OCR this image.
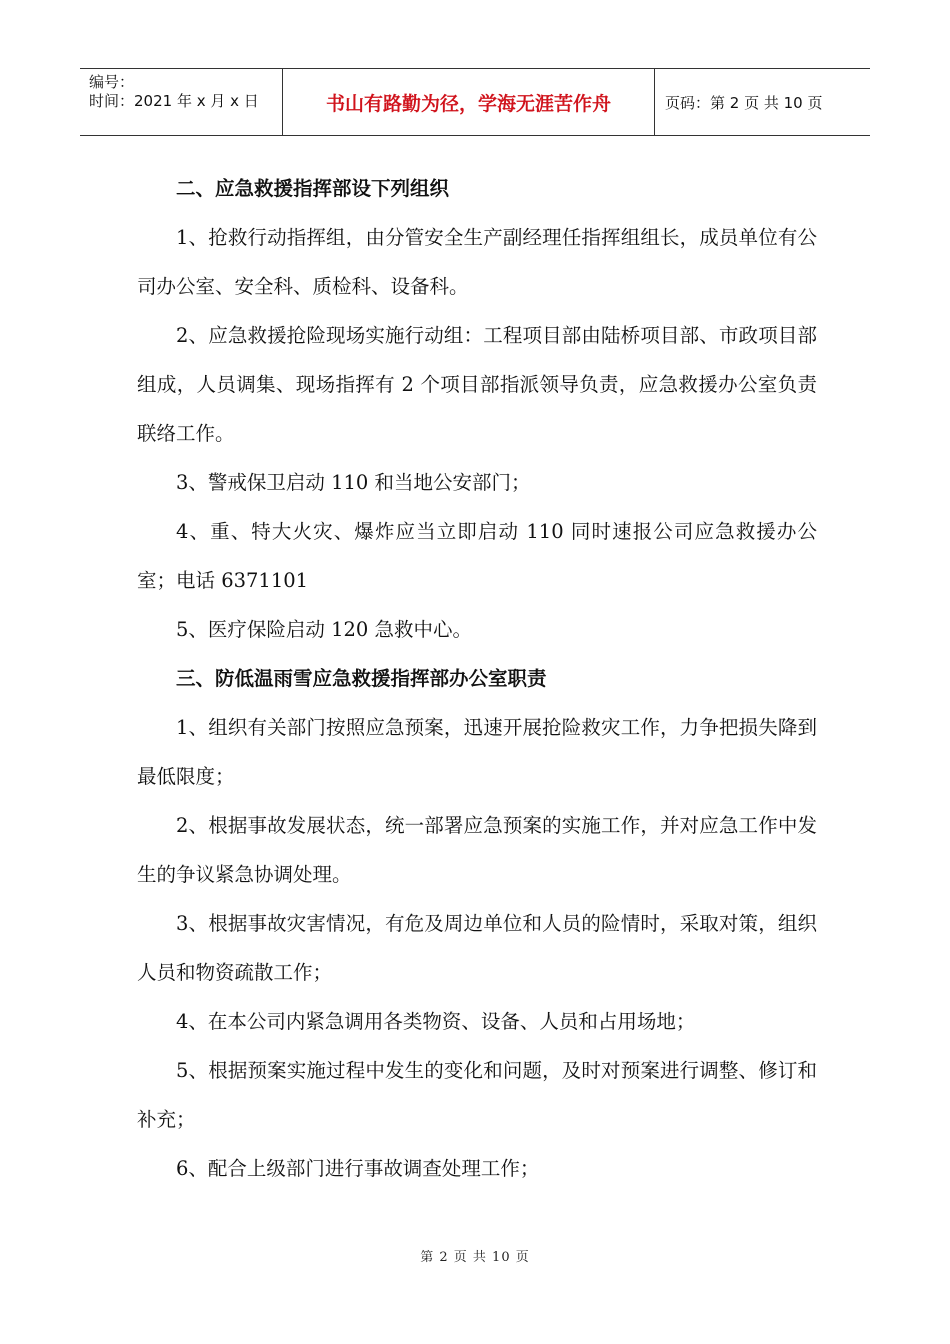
编号：
时间：2021 年 x 月 x 日	书山有路勤为径，学海无涯苦作舟	页码：第 2 页 共 10 页

二、应急救援指挥部设下列组织

1、抢救行动指挥组，由分管安全生产副经理任指挥组组长，成员单位有公司办公室、安全科、质检科、设备科。

2、应急救援抢险现场实施行动组：工程项目部由陆桥项目部、市政项目部组成，人员调集、现场指挥有 2 个项目部指派领导负责，应急救援办公室负责联络工作。

3、警戒保卫启动 110 和当地公安部门；

4、重、特大火灾、爆炸应当立即启动 110 同时速报公司应急救援办公室；电话 6371101

5、医疗保险启动 120 急救中心。

三、防低温雨雪应急救援指挥部办公室职责

1、组织有关部门按照应急预案，迅速开展抢险救灾工作，力争把损失降到最低限度；

2、根据事故发展状态，统一部署应急预案的实施工作，并对应急工作中发生的争议紧急协调处理。

3、根据事故灾害情况，有危及周边单位和人员的险情时，采取对策，组织人员和物资疏散工作；

4、在本公司内紧急调用各类物资、设备、人员和占用场地；

5、根据预案实施过程中发生的变化和问题，及时对预案进行调整、修订和补充；

6、配合上级部门进行事故调查处理工作；

第 2 页 共 10 页
